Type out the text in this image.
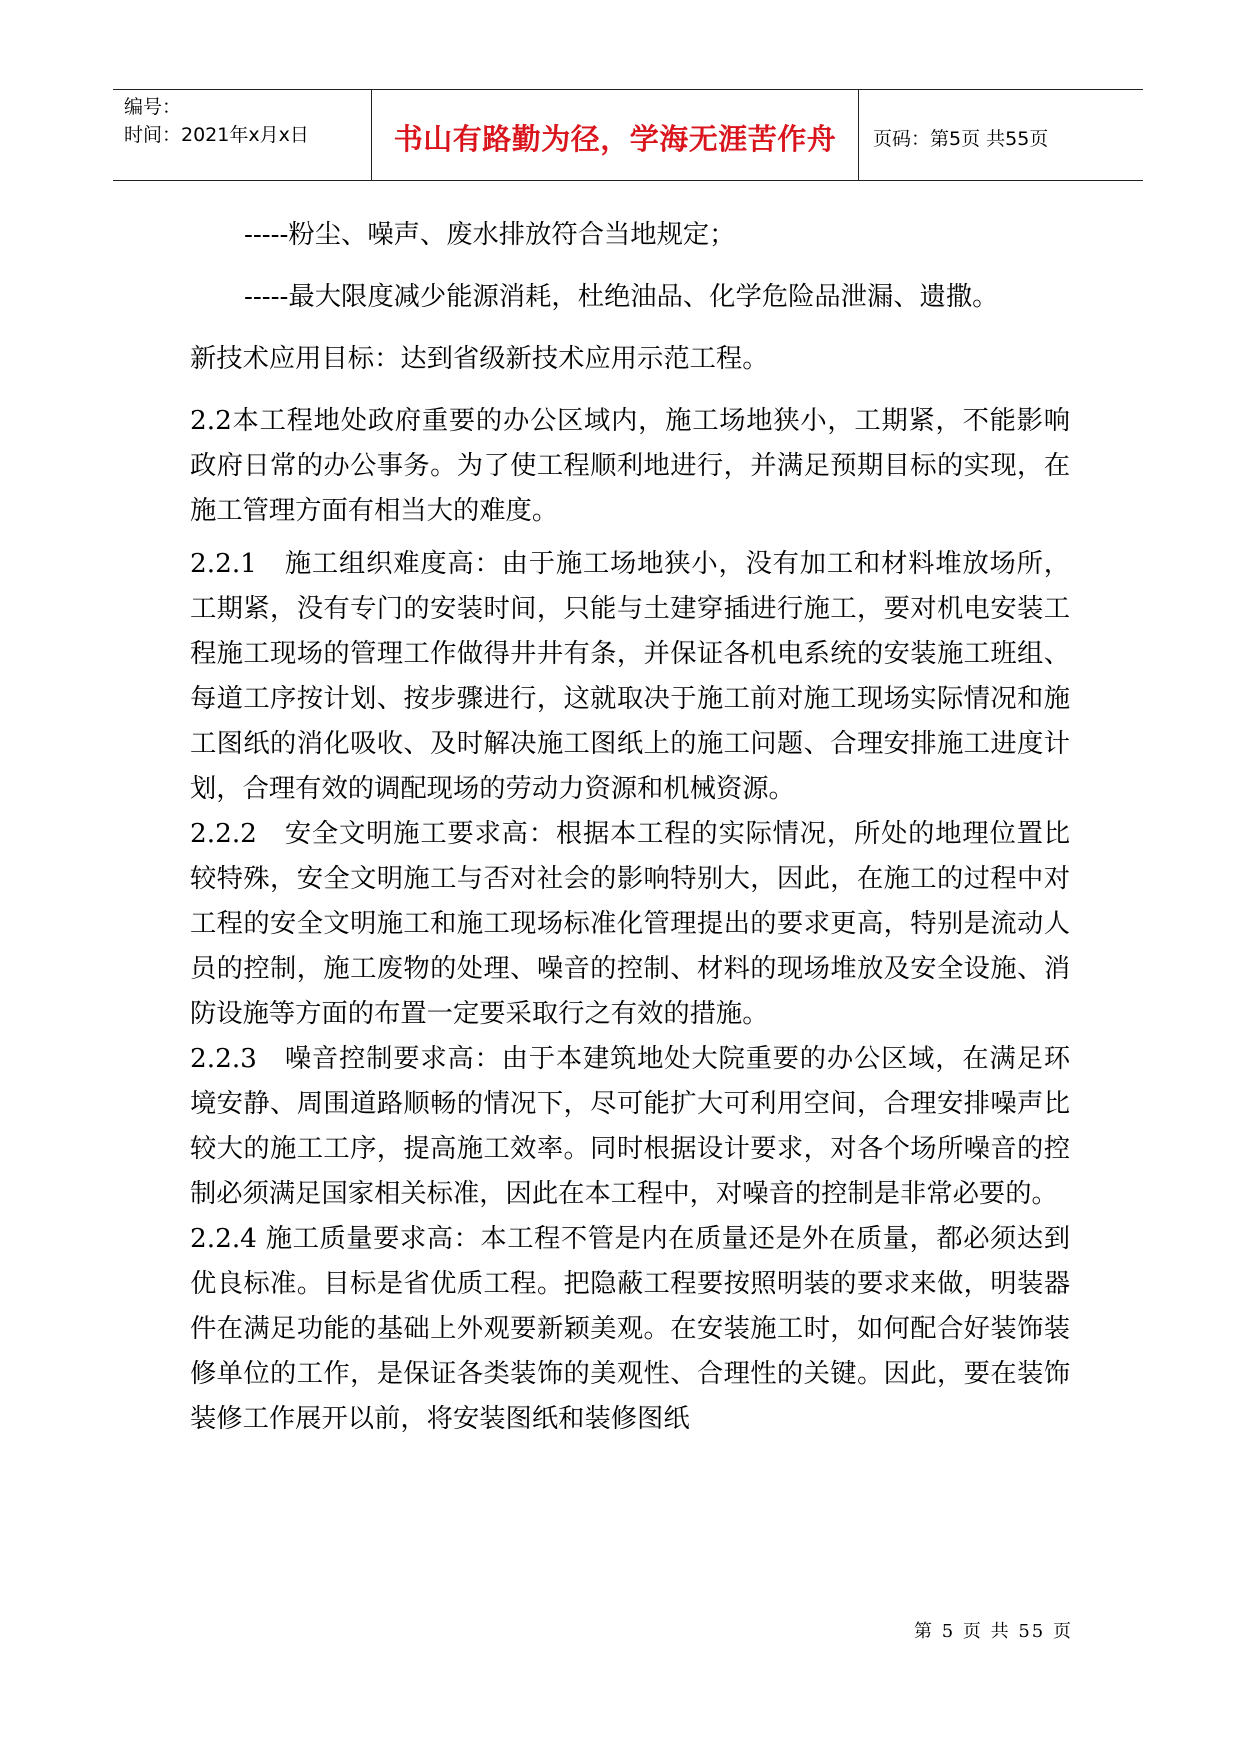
编号：
时间：2021年x月x日	书山有路勤为径，学海无涯苦作舟	页码：第5页 共55页

-----粉尘、噪声、废水排放符合当地规定；

-----最大限度减少能源消耗，杜绝油品、化学危险品泄漏、遗撒。

新技术应用目标：达到省级新技术应用示范工程。

2.2本工程地处政府重要的办公区域内，施工场地狭小，工期紧，不能影响政府日常的办公事务。为了使工程顺利地进行，并满足预期目标的实现，在施工管理方面有相当大的难度。

2.2.1　施工组织难度高：由于施工场地狭小，没有加工和材料堆放场所，工期紧，没有专门的安装时间，只能与土建穿插进行施工，要对机电安装工程施工现场的管理工作做得井井有条，并保证各机电系统的安装施工班组、每道工序按计划、按步骤进行，这就取决于施工前对施工现场实际情况和施工图纸的消化吸收、及时解决施工图纸上的施工问题、合理安排施工进度计划，合理有效的调配现场的劳动力资源和机械资源。

2.2.2　安全文明施工要求高：根据本工程的实际情况，所处的地理位置比较特殊，安全文明施工与否对社会的影响特别大，因此，在施工的过程中对工程的安全文明施工和施工现场标准化管理提出的要求更高，特别是流动人员的控制，施工废物的处理、噪音的控制、材料的现场堆放及安全设施、消防设施等方面的布置一定要采取行之有效的措施。

2.2.3　噪音控制要求高：由于本建筑地处大院重要的办公区域，在满足环境安静、周围道路顺畅的情况下，尽可能扩大可利用空间，合理安排噪声比较大的施工工序，提高施工效率。同时根据设计要求，对各个场所噪音的控制必须满足国家相关标准，因此在本工程中，对噪音的控制是非常必要的。

2.2.4 施工质量要求高：本工程不管是内在质量还是外在质量，都必须达到优良标准。目标是省优质工程。把隐蔽工程要按照明装的要求来做，明装器件在满足功能的基础上外观要新颖美观。在安装施工时，如何配合好装饰装修单位的工作，是保证各类装饰的美观性、合理性的关键。因此，要在装饰装修工作展开以前，将安装图纸和装修图纸

第 5 页 共 55 页
